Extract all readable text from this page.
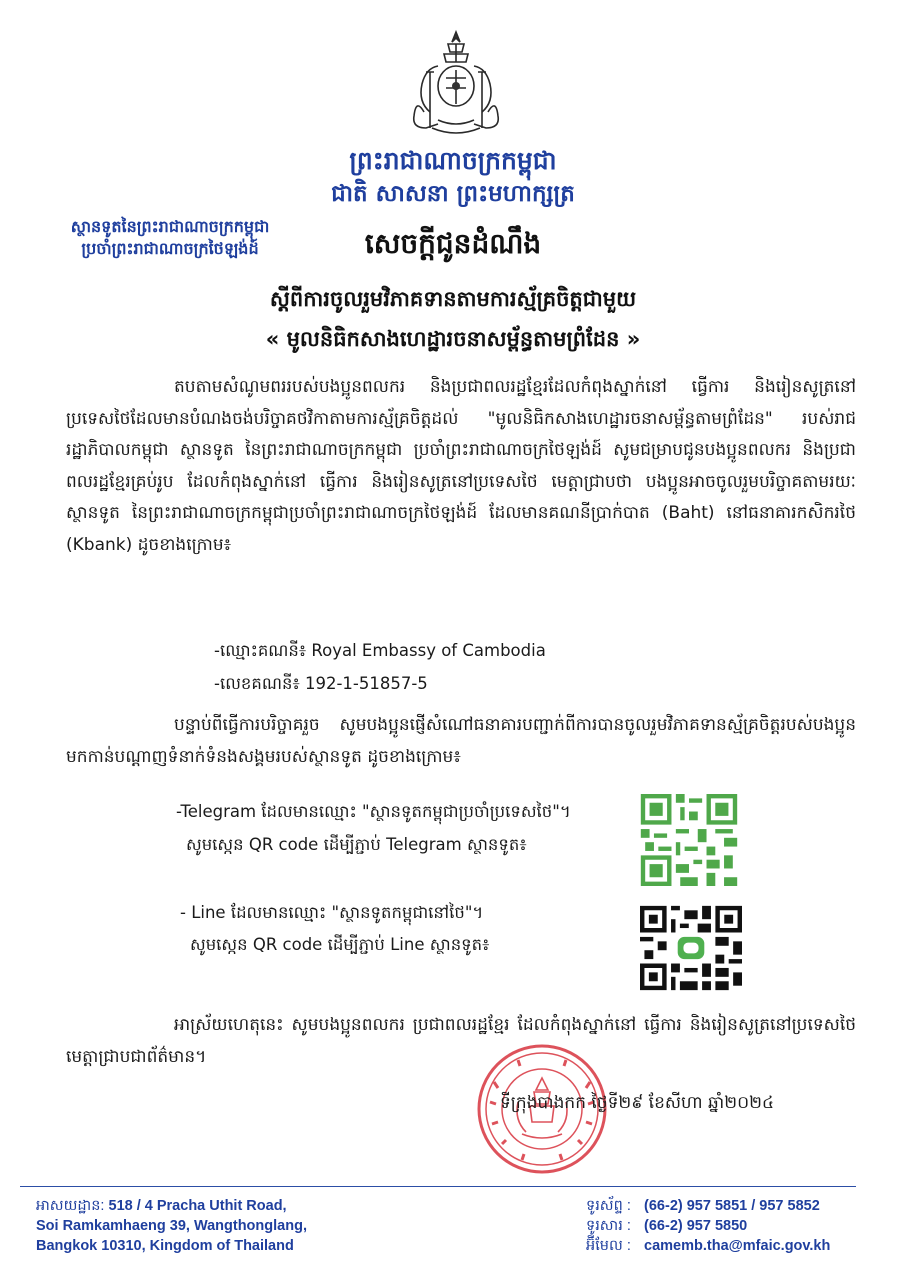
ព្រះរាជាណាចក្រកម្ពុជា
ជាតិ សាសនា ព្រះមហាក្សត្រ
ស្ថានទូតនៃព្រះរាជាណាចក្រកម្ពុជា
ប្រចាំព្រះរាជាណាចក្រថៃឡង់ដ៍	សេចក្តីជូនដំណឹង
ស្តីពីការចូលរួមវិភាគទានតាមការស្ម័គ្រចិត្តជាមួយ
« មូលនិធិកសាងហេដ្ឋារចនាសម្ព័ន្ធតាមព្រំដែន »
តបតាមសំណូមពររបស់បងប្អូនពលករ និងប្រជាពលរដ្ឋខ្មែរដែលកំពុងស្នាក់នៅ ធ្វើការ និងរៀនសូត្រនៅប្រទេសថៃដែលមានបំណងចង់បរិច្ចាគថវិកាតាមការស្ម័គ្រចិត្តដល់ "មូលនិធិកសាងហេដ្ឋារចនាសម្ព័ន្ធតាមព្រំដែន" របស់រាជរដ្ឋាភិបាលកម្ពុជា ស្ថានទូត នៃព្រះរាជាណាចក្រកម្ពុជា ប្រចាំព្រះរាជាណាចក្រថៃឡង់ដ៍ សូមជម្រាបជូនបងប្អូនពលករ និងប្រជាពលរដ្ឋខ្មែរគ្រប់រូប ដែលកំពុងស្នាក់នៅ ធ្វើការ និងរៀនសូត្រនៅប្រទេសថៃ មេត្តាជ្រាបថា បងប្អូនអាចចូលរួមបរិច្ចាគតាមរយៈស្ថានទូត នៃព្រះរាជាណាចក្រកម្ពុជាប្រចាំព្រះរាជាណាចក្រថៃឡង់ដ៍ ដែលមានគណនីប្រាក់បាត (Baht) នៅធនាគារកសិករថៃ (Kbank) ដូចខាងក្រោម៖
-ឈ្មោះគណនី៖ Royal Embassy of Cambodia
-លេខគណនី៖ 192-1-51857-5
បន្ទាប់ពីធ្វើការបរិច្ចាគរួច សូមបងប្អូនផ្ញើសំណៅធនាគារបញ្ជាក់ពីការបានចូលរួមវិភាគទានស្ម័គ្រចិត្តរបស់បងប្អូន មកកាន់បណ្តាញទំនាក់ទំនងសង្គមរបស់ស្ថានទូត ដូចខាងក្រោម៖
-Telegram ដែលមានឈ្មោះ "ស្ថានទូតកម្ពុជាប្រចាំប្រទេសថៃ"។
សូមស្កេន QR code ដើម្បីភ្ជាប់ Telegram ស្ថានទូត៖
- Line ដែលមានឈ្មោះ "ស្ថានទូតកម្ពុជានៅថៃ"។
សូមស្កេន QR code ដើម្បីភ្ជាប់ Line ស្ថានទូត៖
អាស្រ័យហេតុនេះ សូមបងប្អូនពលករ ប្រជាពលរដ្ឋខ្មែរ ដែលកំពុងស្នាក់នៅ ធ្វើការ និងរៀនសូត្រនៅប្រទេសថៃ មេត្តាជ្រាបជាព័ត៌មាន។
ទីក្រុងបាងកក ថ្ងៃទី២៩ ខែសីហា ឆ្នាំ២០២៤
អាសយដ្ឋាន: 518 / 4 Pracha Uthit Road,
Soi Ramkamhaeng 39, Wangthonglang,
Bangkok 10310, Kingdom of Thailand
ទូរស័ព្ទ : (66-2) 957 5851 / 957 5852
ទូរសារ : (66-2) 957 5850
អ៊ីមែល : camemb.tha@mfaic.gov.kh
